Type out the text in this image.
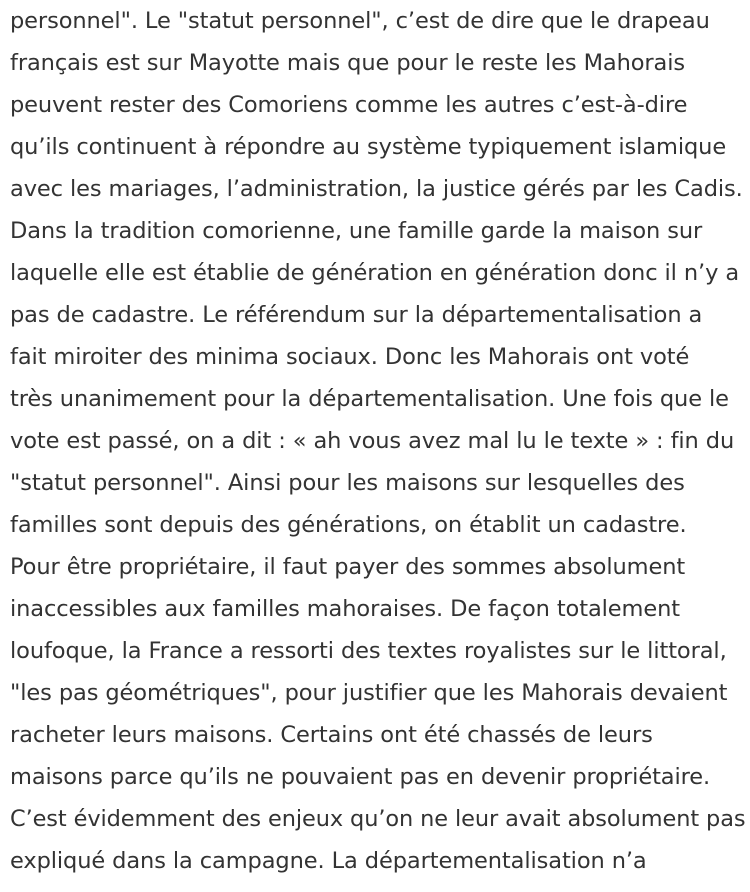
personnel". Le "statut personnel", c’est de dire que le drapeau
français est sur Mayotte mais que pour le reste les Mahorais
peuvent rester des Comoriens comme les autres c’est-à-dire
qu’ils continuent à répondre au système typiquement islamique
avec les mariages, l’administration, la justice gérés par les Cadis.
Dans la tradition comorienne, une famille garde la maison sur
laquelle elle est établie de génération en génération donc il n’y a
pas de cadastre. Le référendum sur la départementalisation a
fait miroiter des minima sociaux. Donc les Mahorais ont voté
très unanimement pour la départementalisation. Une fois que le
vote est passé, on a dit : « ah vous avez mal lu le texte » : fin du
"statut personnel". Ainsi pour les maisons sur lesquelles des
familles sont depuis des générations, on établit un cadastre.
Pour être propriétaire, il faut payer des sommes absolument
inaccessibles aux familles mahoraises. De façon totalement
loufoque, la France a ressorti des textes royalistes sur le littoral,
"les pas géométriques", pour justifier que les Mahorais devaient
racheter leurs maisons. Certains ont été chassés de leurs
maisons parce qu’ils ne pouvaient pas en devenir propriétaire.
C’est évidemment des enjeux qu’on ne leur avait absolument pas
expliqué dans la campagne. La départementalisation n’a
